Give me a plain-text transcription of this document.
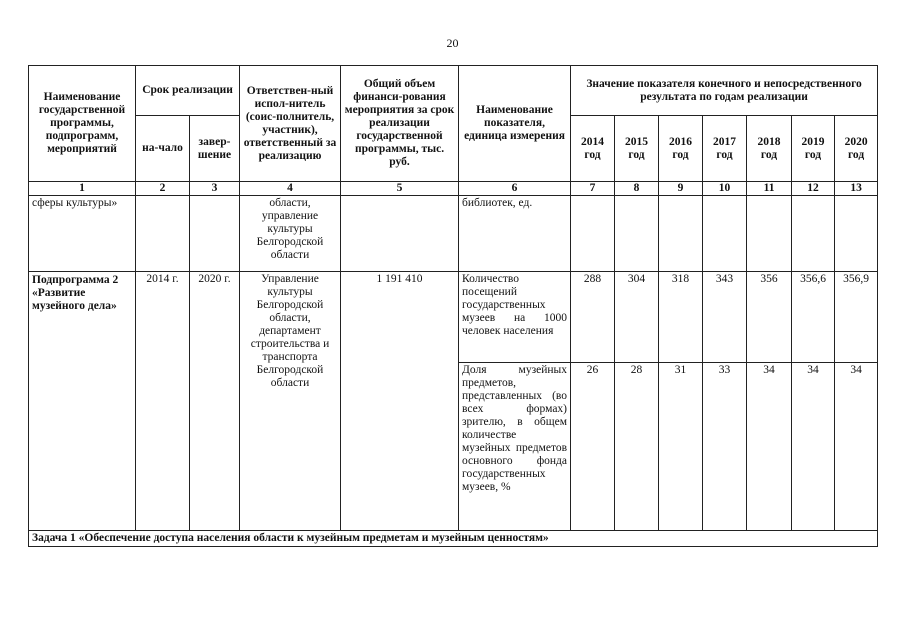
20
Наименование государственной программы, подпрограмм, мероприятий	Срок реализации		Ответствен-ный испол-нитель (соис-полнитель, участник), ответственный за реализацию	Общий объем финанси-рования мероприятия за срок реализации государственной программы, тыс. руб.	Наименование показателя, единица измерения	Значение показателя конечного и непосредственного результата по годам реализации						
	на-чало	завер-шение				2014 год	2015 год	2016 год	2017 год	2018 год	2019 год	2020 год
1	2	3	4	5	6	7	8	9	10	11	12	13
сферы культуры»			области, управление культуры Белгородской области		библиотек, ед.							
Подпрограмма 2 «Развитие музейного дела»	2014 г.	2020 г.	Управление культуры Белгородской области, департамент строительства и транспорта Белгородской области	1 191 410	Количество посещений государственных музеев на 1000 человек населения	288	304	318	343	356	356,6	356,9
					Доля музейных предметов, представленных (во всех формах) зрителю, в общем количестве музейных предметов основного фонда государственных музеев, %	26	28	31	33	34	34	34
Задача 1 «Обеспечение доступа населения области к музейным предметам и музейным ценностям»												
